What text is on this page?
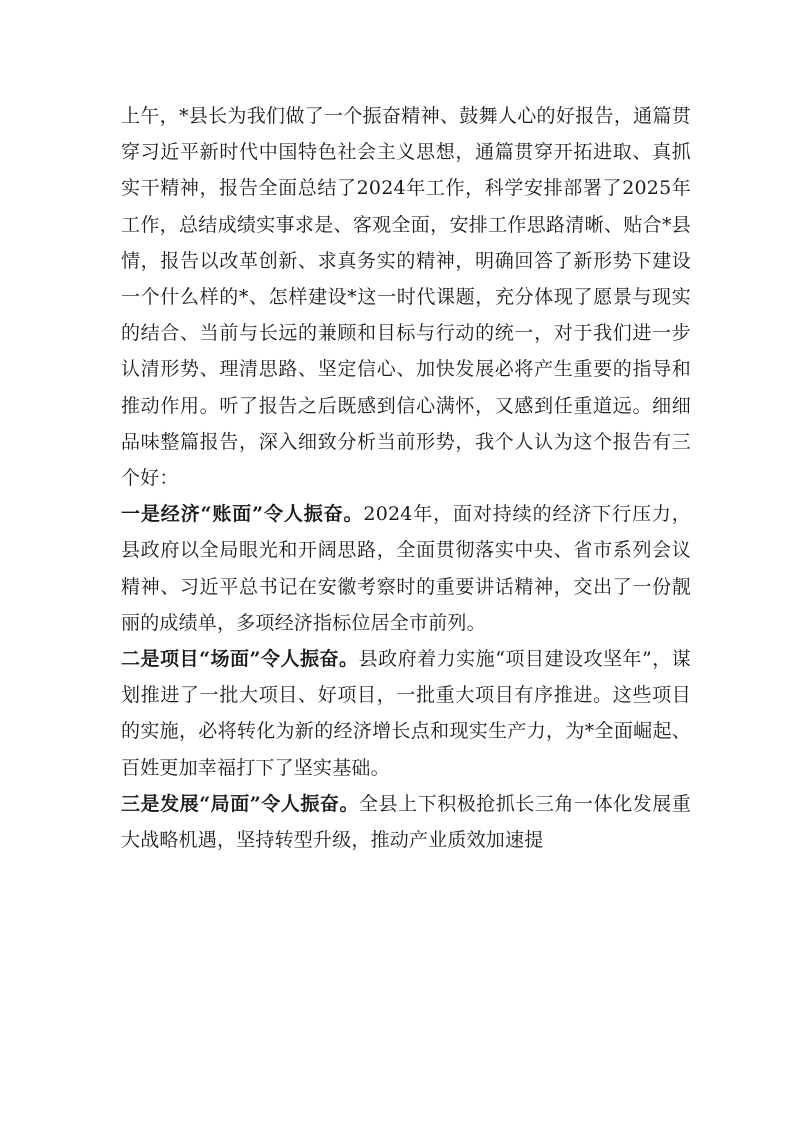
上午，*县长为我们做了一个振奋精神、鼓舞人心的好报告，通篇贯穿习近平新时代中国特色社会主义思想，通篇贯穿开拓进取、真抓实干精神，报告全面总结了2024年工作，科学安排部署了2025年工作，总结成绩实事求是、客观全面，安排工作思路清晰、贴合*县情，报告以改革创新、求真务实的精神，明确回答了新形势下建设一个什么样的*、怎样建设*这一时代课题，充分体现了愿景与现实的结合、当前与长远的兼顾和目标与行动的统一，对于我们进一步认清形势、理清思路、坚定信心、加快发展必将产生重要的指导和推动作用。听了报告之后既感到信心满怀，又感到任重道远。细细品味整篇报告，深入细致分析当前形势，我个人认为这个报告有三个好：

一是经济“账面”令人振奋。2024年，面对持续的经济下行压力，县政府以全局眼光和开阔思路，全面贯彻落实中央、省市系列会议精神、习近平总书记在安徽考察时的重要讲话精神，交出了一份靓丽的成绩单，多项经济指标位居全市前列。

二是项目“场面”令人振奋。县政府着力实施“项目建设攻坚年”，谋划推进了一批大项目、好项目，一批重大项目有序推进。这些项目的实施，必将转化为新的经济增长点和现实生产力，为*全面崛起、百姓更加幸福打下了坚实基础。

三是发展“局面”令人振奋。全县上下积极抢抓长三角一体化发展重大战略机遇，坚持转型升级，推动产业质效加速提
